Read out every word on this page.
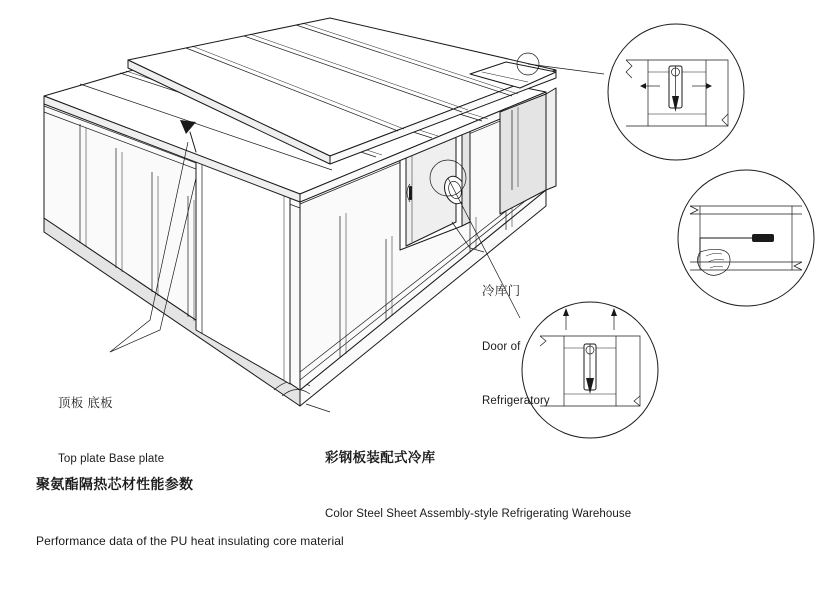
冷库门

Door of

Refrigeratory

顶板 底板

Top plate Base plate

	彩钢板装配式冷库

Color Steel Sheet Assembly-style Refrigerating Warehouse

聚氨酯隔热芯材性能参数

Performance data of the PU heat insulating core material
